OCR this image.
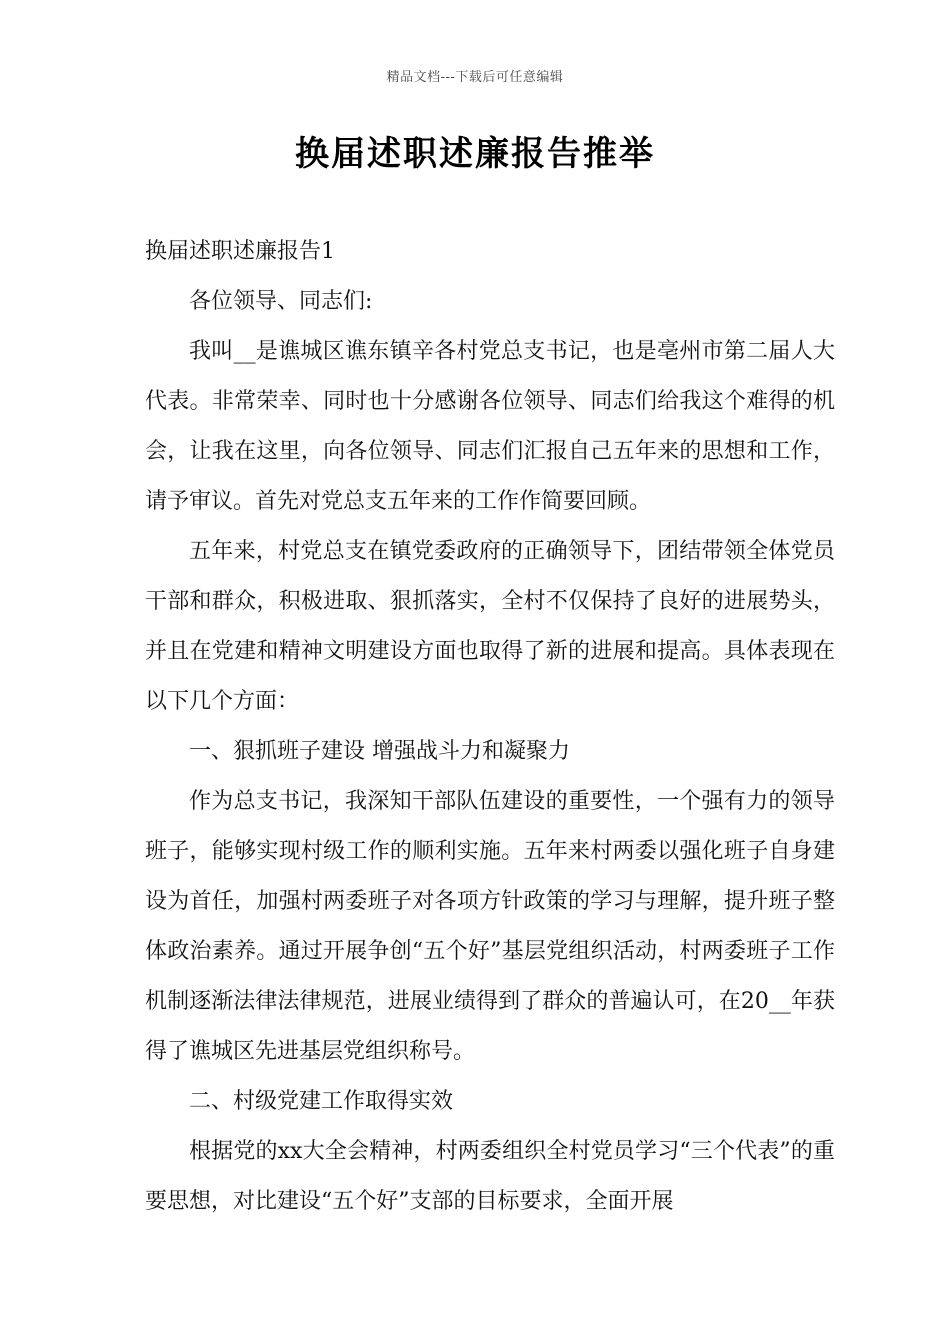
精品文档---下载后可任意编辑
换届述职述廉报告推举

换届述职述廉报告1

各位领导、同志们:

我叫__是谯城区谯东镇辛各村党总支书记，也是亳州市第二届人大代表。非常荣幸、同时也十分感谢各位领导、同志们给我这个难得的机会，让我在这里，向各位领导、同志们汇报自己五年来的思想和工作，请予审议。首先对党总支五年来的工作作简要回顾。

五年来，村党总支在镇党委政府的正确领导下，团结带领全体党员干部和群众，积极进取、狠抓落实，全村不仅保持了良好的进展势头，并且在党建和精神文明建设方面也取得了新的进展和提高。具体表现在以下几个方面：

一、狠抓班子建设 增强战斗力和凝聚力

作为总支书记，我深知干部队伍建设的重要性，一个强有力的领导班子，能够实现村级工作的顺利实施。五年来村两委以强化班子自身建设为首任，加强村两委班子对各项方针政策的学习与理解，提升班子整体政治素养。通过开展争创“五个好”基层党组织活动，村两委班子工作机制逐渐法律法律规范，进展业绩得到了群众的普遍认可，在20__年获得了谯城区先进基层党组织称号。

二、村级党建工作取得实效

根据党的xx大全会精神，村两委组织全村党员学习“三个代表”的重要思想，对比建设“五个好”支部的目标要求，全面开展
